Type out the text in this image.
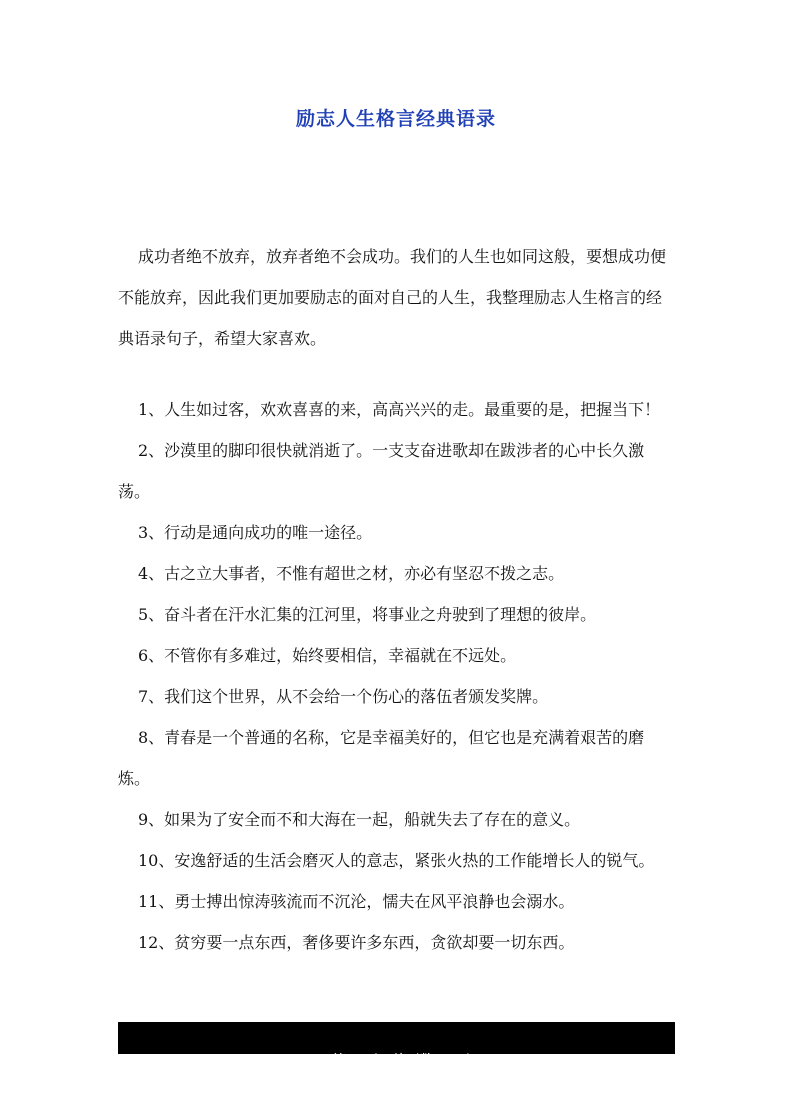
励志人生格言经典语录

成功者绝不放弃，放弃者绝不会成功。我们的人生也如同这般，要想成功便不能放弃，因此我们更加要励志的面对自己的人生，我整理励志人生格言的经典语录句子，希望大家喜欢。

1、人生如过客，欢欢喜喜的来，高高兴兴的走。最重要的是，把握当下！

2、沙漠里的脚印很快就消逝了。一支支奋进歌却在跋涉者的心中长久激荡。

3、行动是通向成功的唯一途径。

4、古之立大事者，不惟有超世之材，亦必有坚忍不拨之志。

5、奋斗者在汗水汇集的江河里，将事业之舟驶到了理想的彼岸。

6、不管你有多难过，始终要相信，幸福就在不远处。

7、我们这个世界，从不会给一个伤心的落伍者颁发奖牌。

8、青春是一个普通的名称，它是幸福美好的，但它也是充满着艰苦的磨炼。

9、如果为了安全而不和大海在一起，船就失去了存在的意义。

10、安逸舒适的生活会磨灭人的意志，紧张火热的工作能增长人的锐气。

11、勇士搏出惊涛骇流而不沉沦，懦夫在风平浪静也会溺水。

12、贫穷要一点东西，奢侈要许多东西，贪欲却要一切东西。

第 1 页 / 总页数  5 页
